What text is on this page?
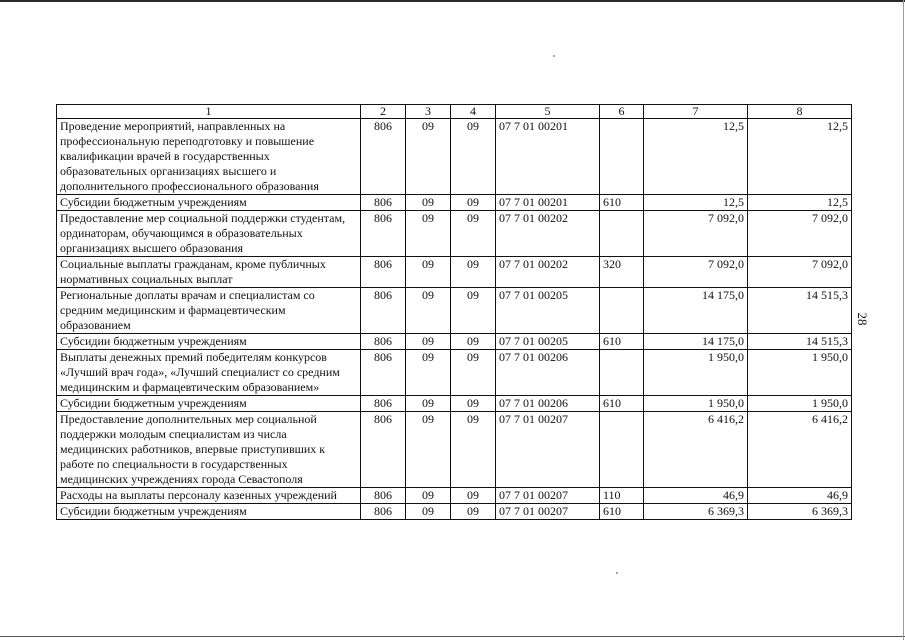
1	2	3	4	5	6	7	8
Проведение мероприятий, направленных на профессиональную переподготовку и повышение квалификации врачей в государственных образовательных организациях высшего и дополнительного профессионального образования	806	09	09	07 7 01 00201		12,5	12,5
Субсидии бюджетным учреждениям	806	09	09	07 7 01 00201	610	12,5	12,5
Предоставление мер социальной поддержки студентам, ординаторам, обучающимся в образовательных организациях высшего образования	806	09	09	07 7 01 00202		7 092,0	7 092,0
Социальные выплаты гражданам, кроме публичных нормативных социальных выплат	806	09	09	07 7 01 00202	320	7 092,0	7 092,0
Региональные доплаты врачам и специалистам со средним медицинским и фармацевтическим образованием	806	09	09	07 7 01 00205		14 175,0	14 515,3
Субсидии бюджетным учреждениям	806	09	09	07 7 01 00205	610	14 175,0	14 515,3
Выплаты денежных премий победителям конкурсов «Лучший врач года», «Лучший специалист со средним медицинским и фармацевтическим образованием»	806	09	09	07 7 01 00206		1 950,0	1 950,0
Субсидии бюджетным учреждениям	806	09	09	07 7 01 00206	610	1 950,0	1 950,0
Предоставление дополнительных мер социальной поддержки молодым специалистам из числа медицинских работников, впервые приступивших к работе по специальности в государственных медицинских учреждениях города Севастополя	806	09	09	07 7 01 00207		6 416,2	6 416,2
Расходы на выплаты персоналу казенных учреждений	806	09	09	07 7 01 00207	110	46,9	46,9
Субсидии бюджетным учреждениям	806	09	09	07 7 01 00207	610	6 369,3	6 369,3
28
